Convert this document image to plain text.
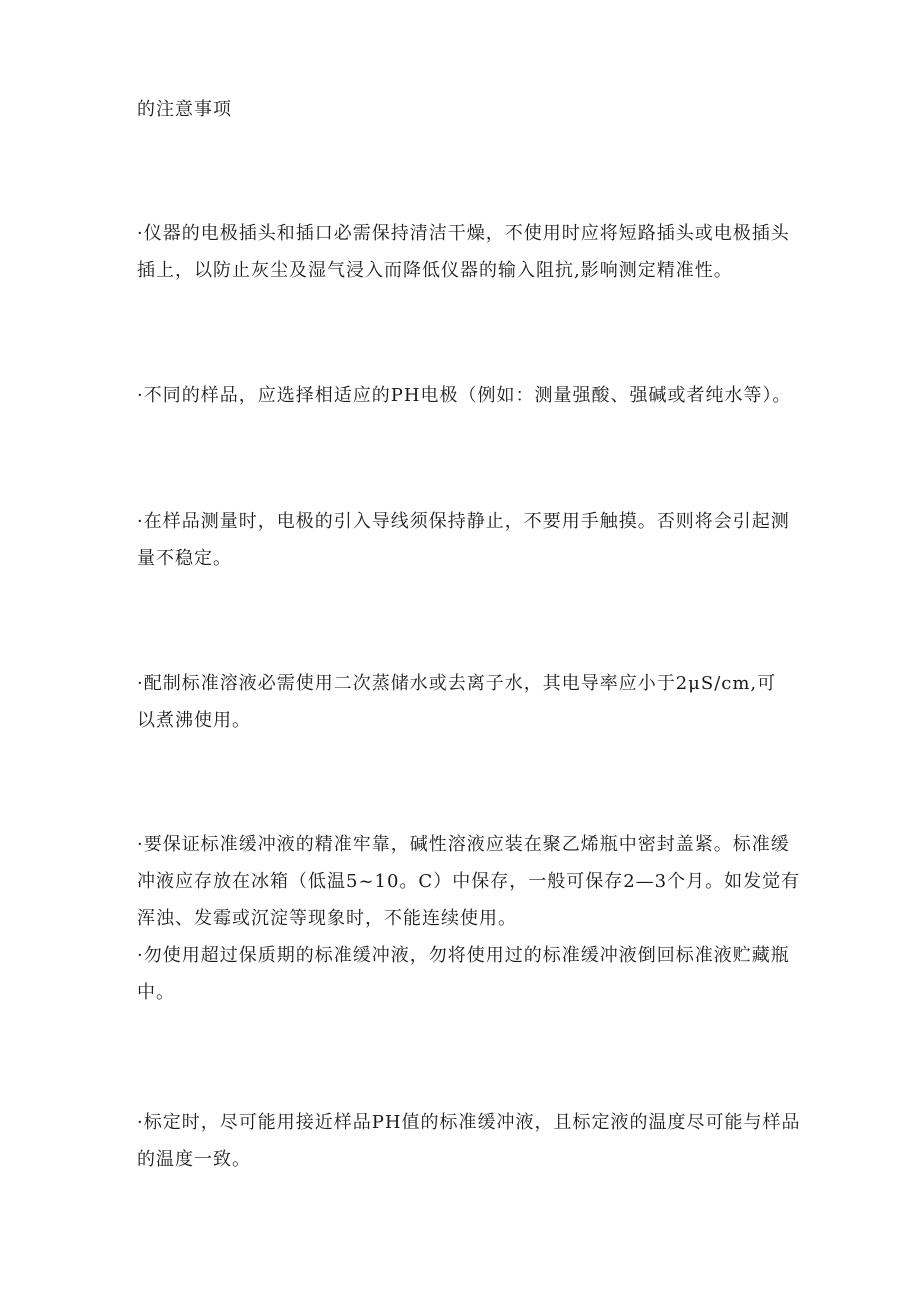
的注意事项

·仪器的电极插头和插口必需保持清洁干燥，不使用时应将短路插头或电极插头

插上，以防止灰尘及湿气浸入而降低仪器的输入阻抗,影响测定精准性。

·不同的样品，应选择相适应的PH电极（例如：测量强酸、强碱或者纯水等）。

·在样品测量时，电极的引入导线须保持静止，不要用手触摸。否则将会引起测

量不稳定。

·配制标准溶液必需使用二次蒸储水或去离子水，其电导率应小于2μS/cm,可

以煮沸使用。

·要保证标准缓冲液的精准牢靠，碱性溶液应装在聚乙烯瓶中密封盖紧。标准缓

冲液应存放在冰箱（低温5~10。C）中保存，一般可保存2—3个月。如发觉有

浑浊、发霉或沉淀等现象时，不能连续使用。

·勿使用超过保质期的标准缓冲液，勿将使用过的标准缓冲液倒回标准液贮藏瓶

中。

·标定时，尽可能用接近样品PH值的标准缓冲液，且标定液的温度尽可能与样品

的温度一致。
